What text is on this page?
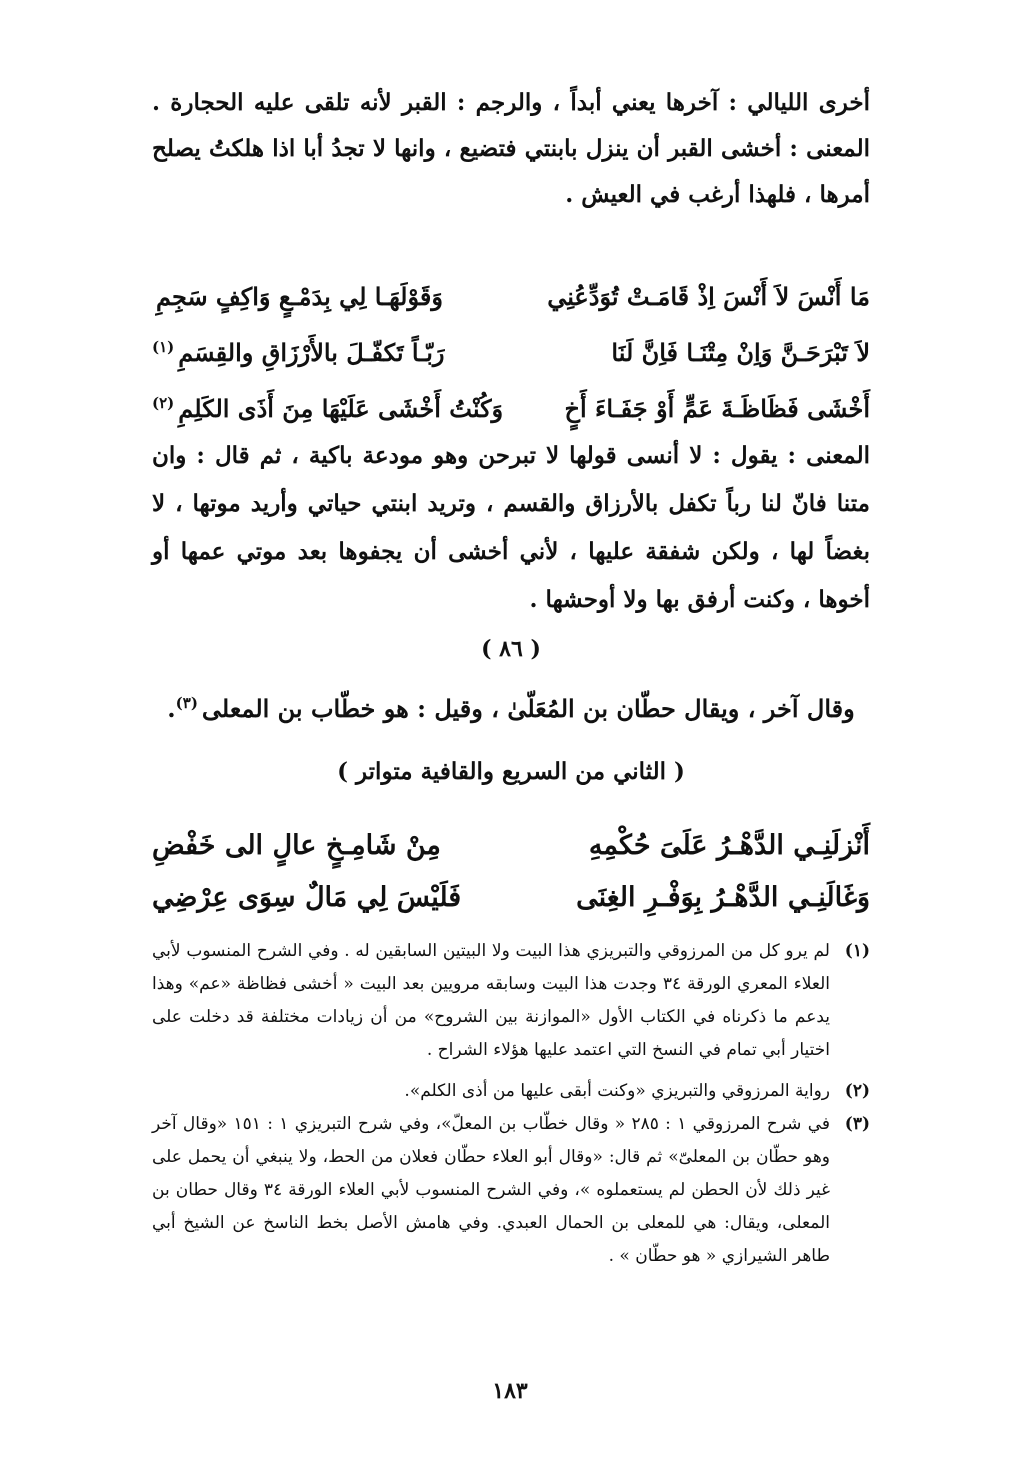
أخرى الليالي : آخرها يعني أبداً ، والرجم : القبر لأنه تلقى عليه الحجارة . المعنى : أخشى القبر أن ينزل بابنتي فتضيع ، وانها لا تجدُ أبا اذا هلكتُ يصلح أمرها ، فلهذا أرغب في العيش .

مَا أَنْسَ لاَ أَنْسَ اِذْ قَامَـتْ تُوَدِّعُنِي
وَقَوْلَهَـا لِي بِدَمْـعٍ وَاكِفٍ سَجِمِ
لاَ تَبْرَحَـنَّ وَاِنْ مِتْنَـا فَاِنَّ لَنَا
رَبّـاً تَكفّـلَ بالأَرْزَاقِ والقِسَمِ$^{(١)}$
أَخْشَى فَظَاظَـةَ عَمٍّ أَوْ جَفَـاءَ أَخٍ
وَكُنْتُ أَخْشَى عَلَيْهَا مِنَ أَذَى الكَلِمِ$^{(٢)}$

المعنى : يقول : لا أنسى قولها لا تبرحن وهو مودعة باكية ، ثم قال : وان متنا فانّ لنا رباً تكفل بالأرزاق والقسم ، وتريد ابنتي حياتي وأريد موتها ، لا بغضاً لها ، ولكن شفقة عليها ، لأني أخشى أن يجفوها بعد موتي عمها أو أخوها ، وكنت أرفق بها ولا أوحشها .

( ٨٦ )
وقال آخر ، ويقال حطّان بن المُعَلّىٰ ، وقيل : هو خطّاب بن المعلى$^{(٣)}$.
( الثاني من السريع والقافية متواتر )
أَنْزلَنِـي الدَّهْـرُ عَلَىَ حُكْمِهِ
مِنْ شَامِـخٍ عالٍ الى خَفْضِ
وَغَالَنِـي الدَّهْـرُ بِوَفْـرِ الغِنَى
فَلَيْسَ لِي مَالٌ سِوَى عِرْضِي
(١)
لم يرو كل من المرزوقي والتبريزي هذا البيت ولا البيتين السابقين له . وفي الشرح المنسوب لأبي العلاء المعري الورقة ٣٤ وجدت هذا البيت وسابقه مرويين بعد البيت « أخشى فظاظة «عم» وهذا يدعم ما ذكرناه في الكتاب الأول «الموازنة بين الشروح» من أن زيادات مختلفة قد دخلت على اختيار أبي تمام في النسخ التي اعتمد عليها هؤلاء الشراح .
(٢)
رواية المرزوقي والتبريزي «وكنت أبقى عليها من أذى الكلم».
(٣)
في شرح المرزوقي ١ : ٢٨٥ « وقال خطّاب بن المعلّ»، وفي شرح التبريزي ١ : ١٥١ «وقال آخر وهو حطّان بن المعلىّ» ثم قال: «وقال أبو العلاء حطّان فعلان من الحط، ولا ينبغي أن يحمل على غير ذلك لأن الحطن لم يستعملوه »، وفي الشرح المنسوب لأبي العلاء الورقة ٣٤ وقال حطان بن المعلى، ويقال: هي للمعلى بن الحمال العبدي. وفي هامش الأصل بخط الناسخ عن الشيخ أبي طاهر الشيرازي « هو حطّان » .
١٨٣
